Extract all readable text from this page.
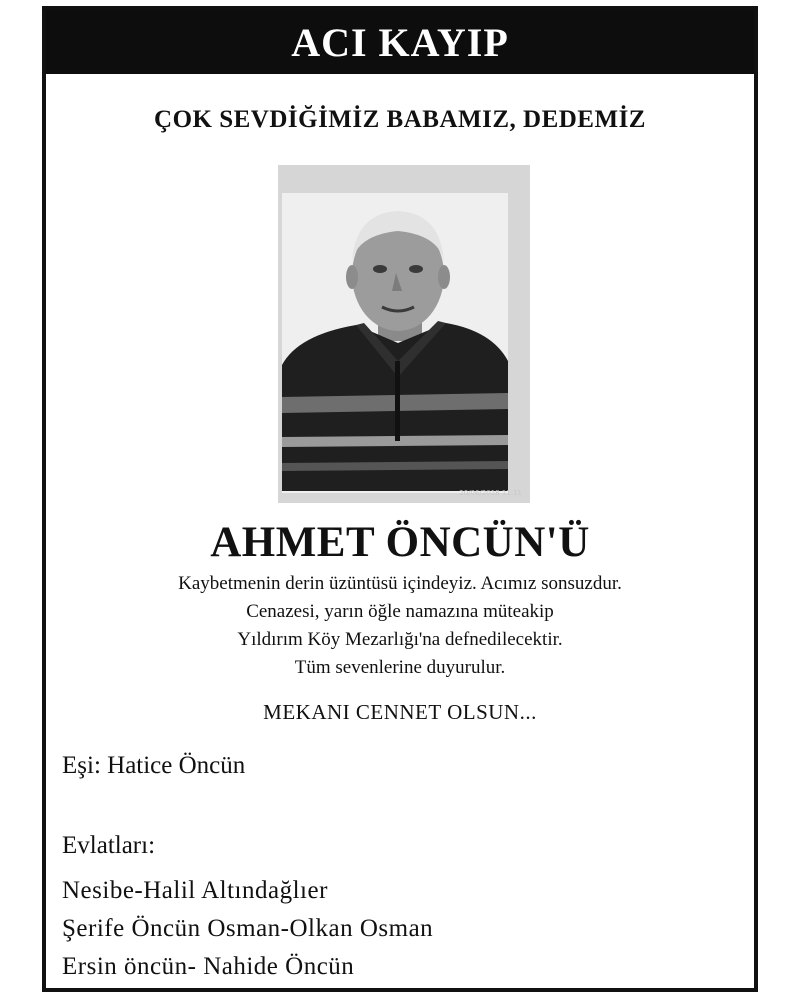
ACI KAYIP
ÇOK SEVDİĞİMİZ BABAMIZ, DEDEMİZ
20/06/2018 11:11
AHMET ÖNCÜN'Ü
Kaybetmenin derin üzüntüsü içindeyiz. Acımız sonsuzdur.
Cenazesi, yarın öğle namazına müteakip
Yıldırım Köy Mezarlığı'na defnedilecektir.
Tüm sevenlerine duyurulur.
MEKANI CENNET OLSUN...
Eşi: Hatice Öncün
Evlatları:
Nesibe-Halil Altındağlıer
Şerife Öncün Osman-Olkan Osman
Ersin öncün- Nahide Öncün
